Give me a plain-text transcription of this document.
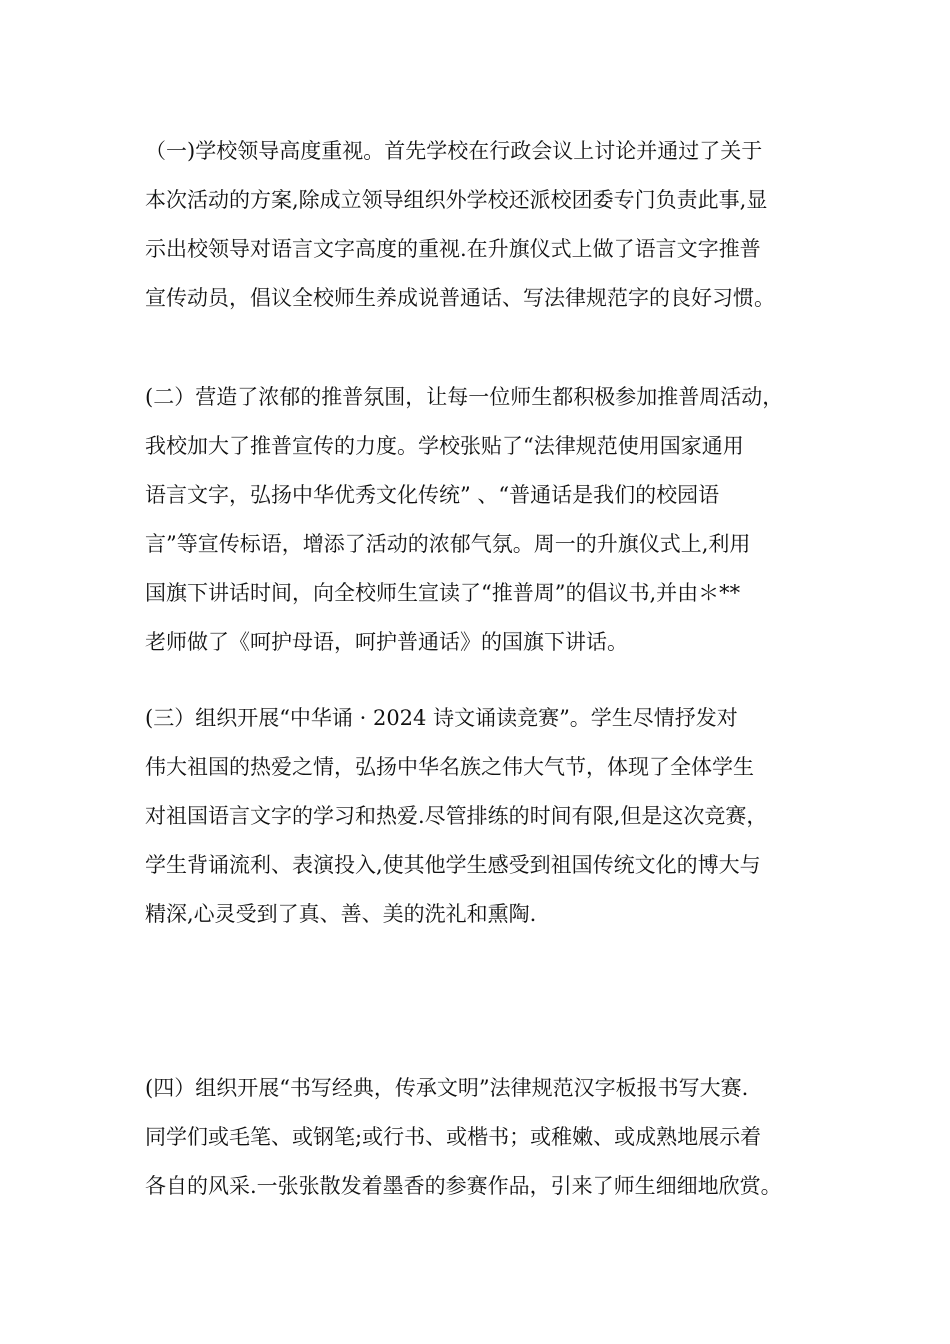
（一)学校领导高度重视。首先学校在行政会议上讨论并通过了关于
本次活动的方案,除成立领导组织外学校还派校团委专门负责此事,显
示出校领导对语言文字高度的重视.在升旗仪式上做了语言文字推普
宣传动员，倡议全校师生养成说普通话、写法律规范字的良好习惯。
(二）营造了浓郁的推普氛围，让每一位师生都积极参加推普周活动，
我校加大了推普宣传的力度。学校张贴了“法律规范使用国家通用
语言文字，弘扬中华优秀文化传统” 、“普通话是我们的校园语
言”等宣传标语，增添了活动的浓郁气氛。周一的升旗仪式上,利用
国旗下讲话时间，向全校师生宣读了“推普周”的倡议书,并由＊**
老师做了《呵护母语，呵护普通话》的国旗下讲话。
(三）组织开展“中华诵 · 2024 诗文诵读竞赛”。学生尽情抒发对
伟大祖国的热爱之情，弘扬中华名族之伟大气节，体现了全体学生
对祖国语言文字的学习和热爱.尽管排练的时间有限,但是这次竞赛，
学生背诵流利、表演投入,使其他学生感受到祖国传统文化的博大与
精深,心灵受到了真、善、美的洗礼和熏陶.
(四）组织开展“书写经典，传承文明”法律规范汉字板报书写大赛.
同学们或毛笔、或钢笔;或行书、或楷书；或稚嫩、或成熟地展示着
各自的风采.一张张散发着墨香的参赛作品，引来了师生细细地欣赏。
